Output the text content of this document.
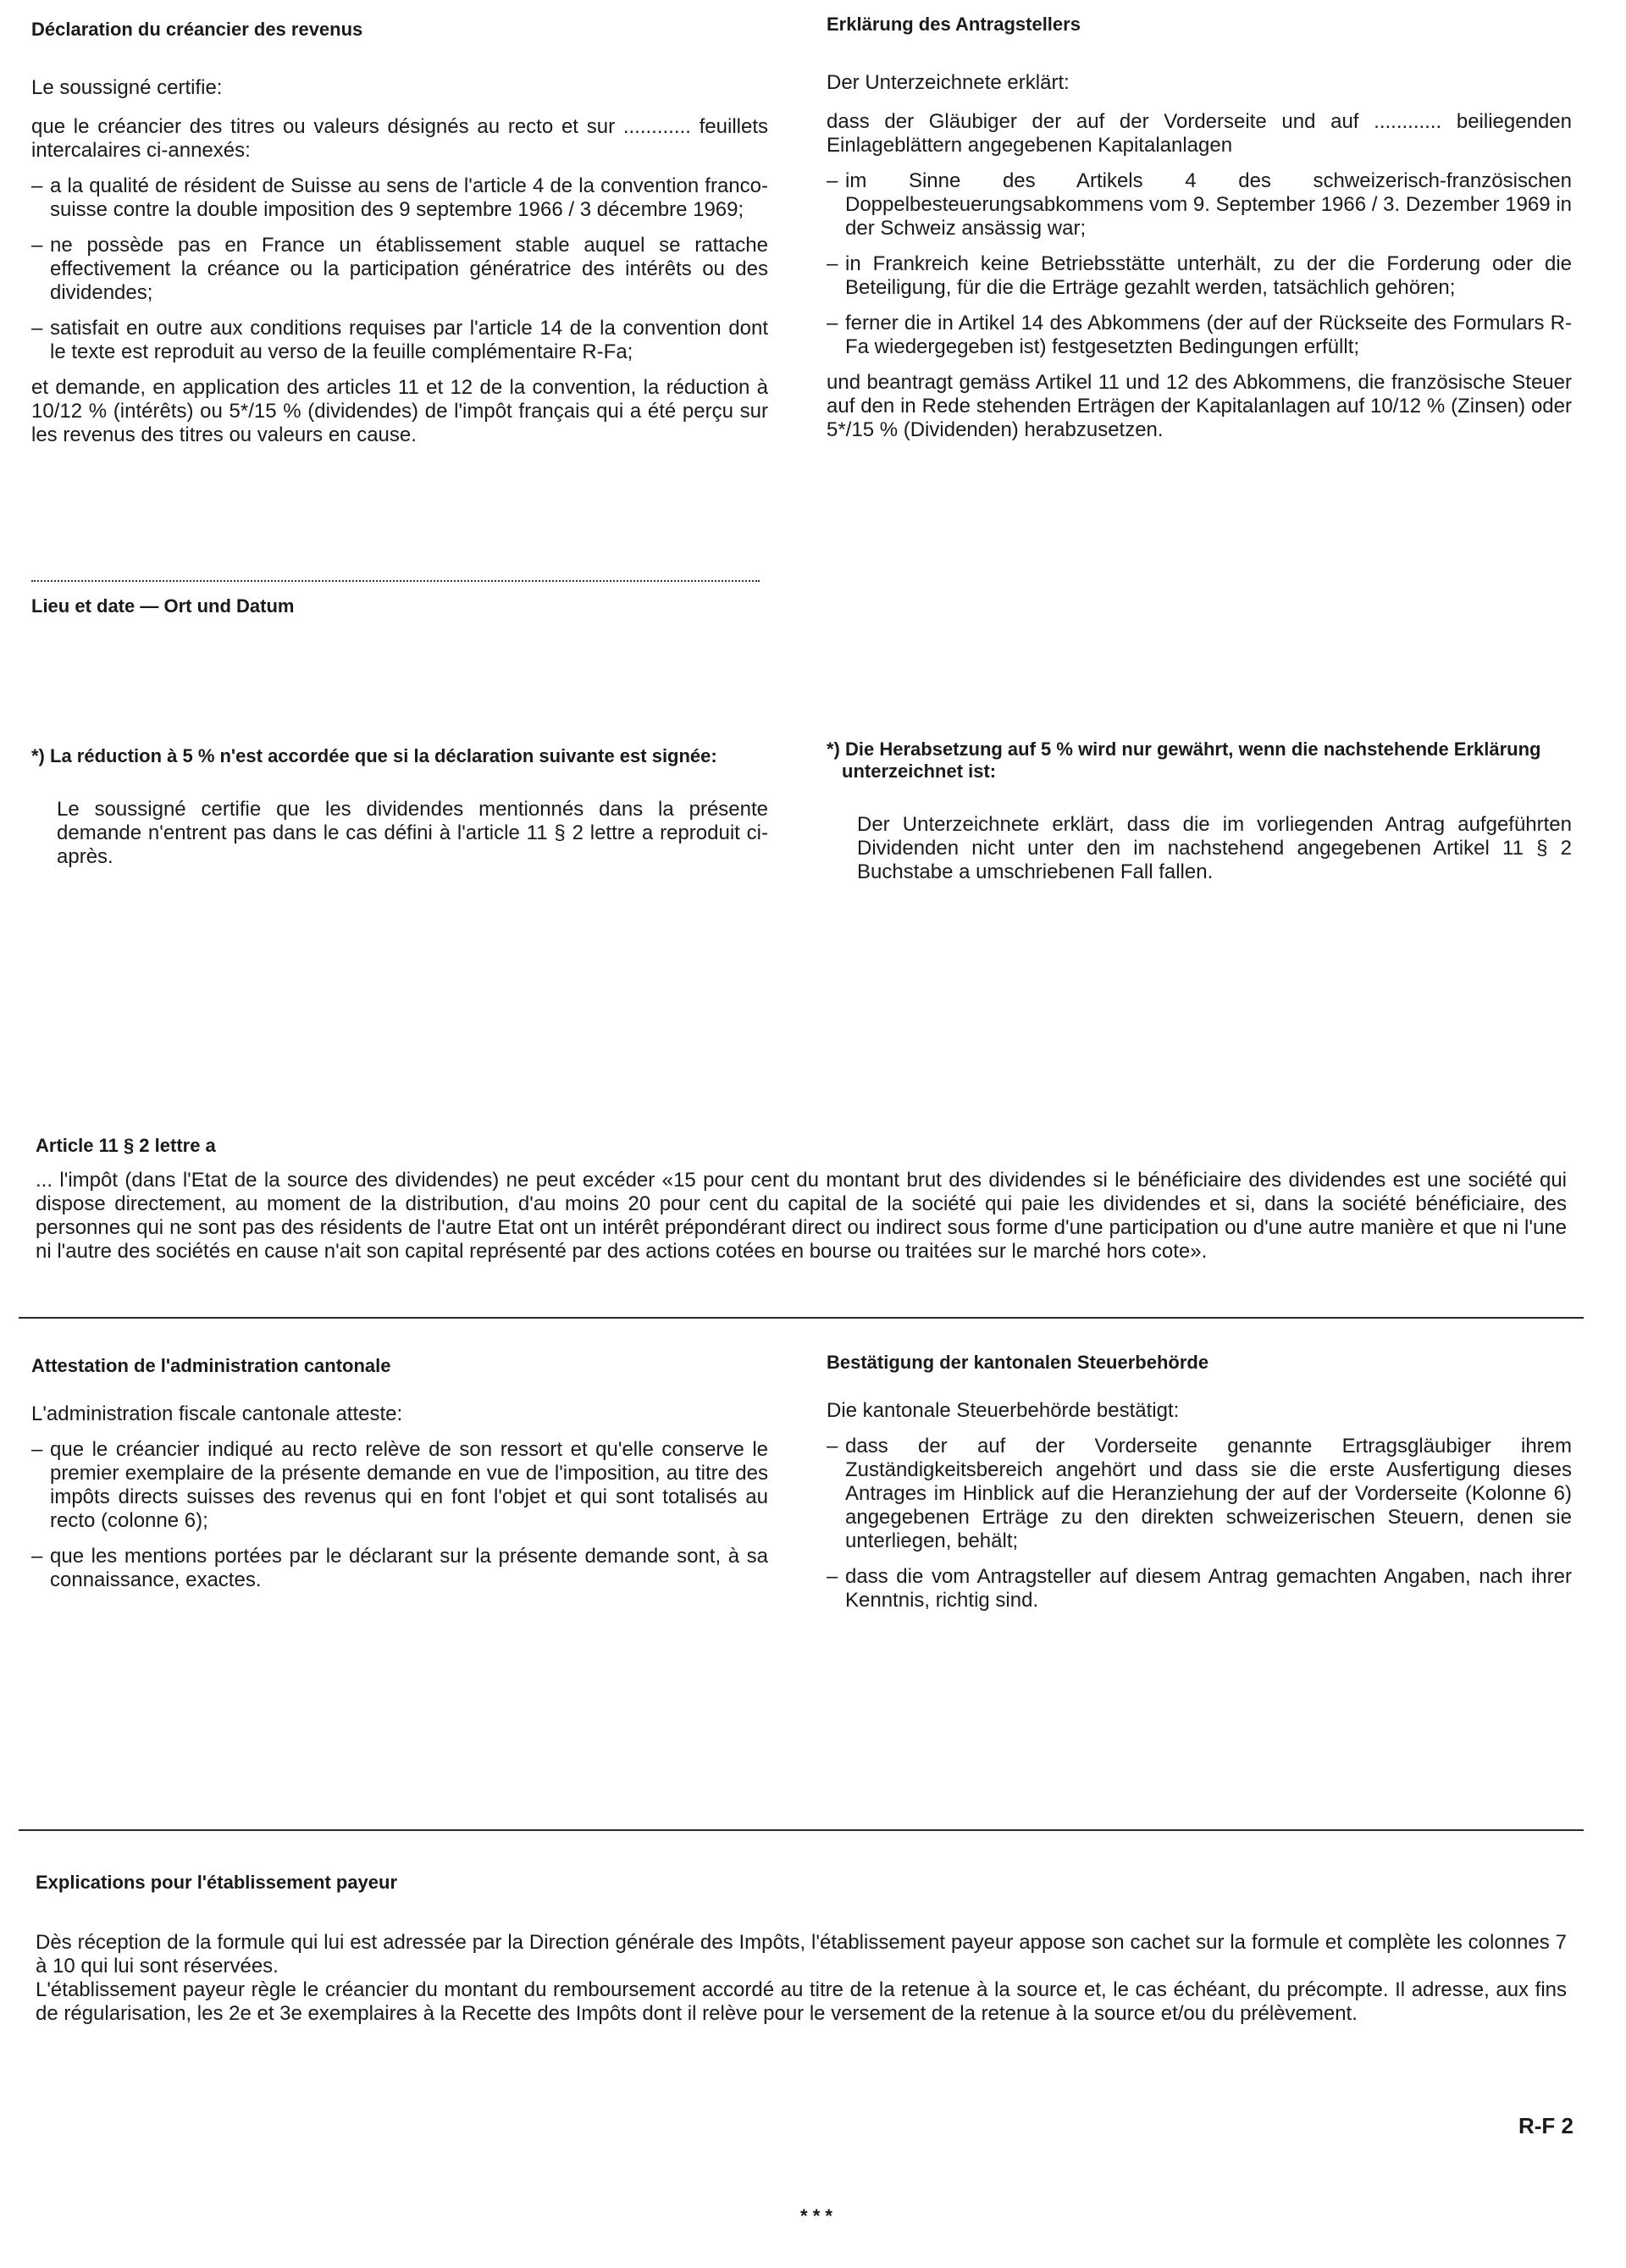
Déclaration du créancier des revenus

Le soussigné certifie:

que le créancier des titres ou valeurs désignés au recto et sur ............ feuillets intercalaires ci-annexés:

– a la qualité de résident de Suisse au sens de l'article 4 de la convention franco-suisse contre la double imposition des 9 septembre 1966 / 3 décembre 1969;
– ne possède pas en France un établissement stable auquel se rattache effectivement la créance ou la participation génératrice des intérêts ou des dividendes;
– satisfait en outre aux conditions requises par l'article 14 de la convention dont le texte est reproduit au verso de la feuille complémentaire R-Fa;

et demande, en application des articles 11 et 12 de la convention, la réduction à 10/12 % (intérêts) ou 5*/15 % (dividendes) de l'impôt français qui a été perçu sur les revenus des titres ou valeurs en cause.

Erklärung des Antragstellers

Der Unterzeichnete erklärt:

dass der Gläubiger der auf der Vorderseite und auf ............ beiliegenden Einlageblättern angegebenen Kapitalanlagen

– im Sinne des Artikels 4 des schweizerisch-französischen Doppelbesteuerungsabkommens vom 9. September 1966 / 3. Dezember 1969 in der Schweiz ansässig war;
– in Frankreich keine Betriebsstätte unterhält, zu der die Forderung oder die Beteiligung, für die die Erträge gezahlt werden, tatsächlich gehören;
– ferner die in Artikel 14 des Abkommens (der auf der Rückseite des Formulars R-Fa wiedergegeben ist) festgesetzten Bedingungen erfüllt;

und beantragt gemäss Artikel 11 und 12 des Abkommens, die französische Steuer auf den in Rede stehenden Erträgen der Kapitalanlagen auf 10/12 % (Zinsen) oder 5*/15 % (Dividenden) herabzusetzen.

Lieu et date — Ort und Datum

*) La réduction à 5 % n'est accordée que si la déclaration suivante est signée:

Le soussigné certifie que les dividendes mentionnés dans la présente demande n'entrent pas dans le cas défini à l'article 11 § 2 lettre a reproduit ci-après.

*) Die Herabsetzung auf 5 % wird nur gewährt, wenn die nachstehende Erklärung unterzeichnet ist:

Der Unterzeichnete erklärt, dass die im vorliegenden Antrag aufgeführten Dividenden nicht unter den im nachstehend angegebenen Artikel 11 § 2 Buchstabe a umschriebenen Fall fallen.

Article 11 § 2 lettre a

... l'impôt (dans l'Etat de la source des dividendes) ne peut excéder «15 pour cent du montant brut des dividendes si le bénéficiaire des dividendes est une société qui dispose directement, au moment de la distribution, d'au moins 20 pour cent du capital de la société qui paie les dividendes et si, dans la société bénéficiaire, des personnes qui ne sont pas des résidents de l'autre Etat ont un intérêt prépondérant direct ou indirect sous forme d'une participation ou d'une autre manière et que ni l'une ni l'autre des sociétés en cause n'ait son capital représenté par des actions cotées en bourse ou traitées sur le marché hors cote».

Attestation de l'administration cantonale

L'administration fiscale cantonale atteste:

– que le créancier indiqué au recto relève de son ressort et qu'elle conserve le premier exemplaire de la présente demande en vue de l'imposition, au titre des impôts directs suisses des revenus qui en font l'objet et qui sont totalisés au recto (colonne 6);
– que les mentions portées par le déclarant sur la présente demande sont, à sa connaissance, exactes.

Bestätigung der kantonalen Steuerbehörde

Die kantonale Steuerbehörde bestätigt:

– dass der auf der Vorderseite genannte Ertragsgläubiger ihrem Zuständigkeitsbereich angehört und dass sie die erste Ausfertigung dieses Antrages im Hinblick auf die Heranziehung der auf der Vorderseite (Kolonne 6) angegebenen Erträge zu den direkten schweizerischen Steuern, denen sie unterliegen, behält;
– dass die vom Antragsteller auf diesem Antrag gemachten Angaben, nach ihrer Kenntnis, richtig sind.

Explications pour l'établissement payeur

Dès réception de la formule qui lui est adressée par la Direction générale des Impôts, l'établissement payeur appose son cachet sur la formule et complète les colonnes 7 à 10 qui lui sont réservées.

L'établissement payeur règle le créancier du montant du remboursement accordé au titre de la retenue à la source et, le cas échéant, du précompte. Il adresse, aux fins de régularisation, les 2e et 3e exemplaires à la Recette des Impôts dont il relève pour le versement de la retenue à la source et/ou du prélèvement.

R-F 2
* * *
